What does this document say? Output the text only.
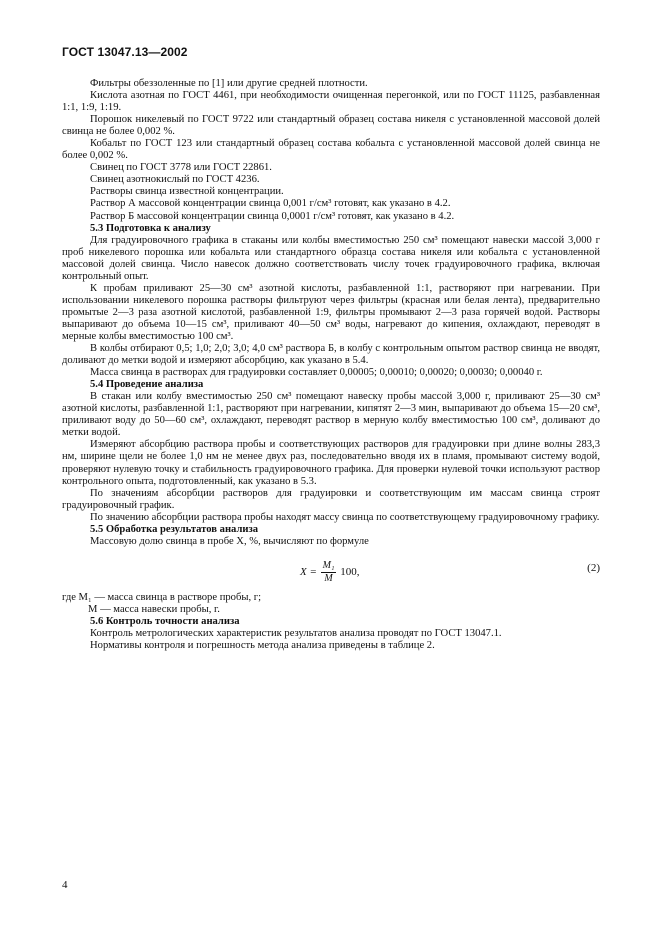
ГОСТ 13047.13—2002

Фильтры обеззоленные по [1] или другие средней плотности.

Кислота азотная по ГОСТ 4461, при необходимости очищенная перегонкой, или по ГОСТ 11125, разбавленная 1:1, 1:9, 1:19.

Порошок никелевый по ГОСТ 9722 или стандартный образец состава никеля с установленной массовой долей свинца не более 0,002 %.

Кобальт по ГОСТ 123 или стандартный образец состава кобальта с установленной массовой долей свинца не более 0,002 %.

Свинец по ГОСТ 3778 или ГОСТ 22861.

Свинец азотнокислый по ГОСТ 4236.

Растворы свинца известной концентрации.

Раствор А массовой концентрации свинца 0,001 г/см³ готовят, как указано в 4.2.

Раствор Б массовой концентрации свинца 0,0001 г/см³ готовят, как указано в 4.2.

5.3 Подготовка к анализу

Для градуировочного графика в стаканы или колбы вместимостью 250 см³ помещают навески массой 3,000 г проб никелевого порошка или кобальта или стандартного образца состава никеля или кобальта с установленной массовой долей свинца. Число навесок должно соответствовать числу точек градуировочного графика, включая контрольный опыт.

К пробам приливают 25—30 см³ азотной кислоты, разбавленной 1:1, растворяют при нагревании. При использовании никелевого порошка растворы фильтруют через фильтры (красная или белая лента), предварительно промытые 2—3 раза азотной кислотой, разбавленной 1:9, фильтры промывают 2—3 раза горячей водой. Растворы выпаривают до объема 10—15 см³, приливают 40—50 см³ воды, нагревают до кипения, охлаждают, переводят в мерные колбы вместимостью 100 см³.

В колбы отбирают 0,5; 1,0; 2,0; 3,0; 4,0 см³ раствора Б, в колбу с контрольным опытом раствор свинца не вводят, доливают до метки водой и измеряют абсорбцию, как указано в 5.4.

Масса свинца в растворах для градуировки составляет 0,00005; 0,00010; 0,00020; 0,00030; 0,00040 г.

5.4 Проведение анализа

В стакан или колбу вместимостью 250 см³ помещают навеску пробы массой 3,000 г, приливают 25—30 см³ азотной кислоты, разбавленной 1:1, растворяют при нагревании, кипятят 2—3 мин, выпаривают до объема 15—20 см³, приливают воду до 50—60 см³, охлаждают, переводят раствор в мерную колбу вместимостью 100 см³, доливают до метки водой.

Измеряют абсорбцию раствора пробы и соответствующих растворов для градуировки при длине волны 283,3 нм, ширине щели не более 1,0 нм не менее двух раз, последовательно вводя их в пламя, промывают систему водой, проверяют нулевую точку и стабильность градуировочного графика. Для проверки нулевой точки используют раствор контрольного опыта, подготовленный, как указано в 5.3.

По значениям абсорбции растворов для градуировки и соответствующим им массам свинца строят градуировочный график.

По значению абсорбции раствора пробы находят массу свинца по соответствующему градуировочному графику.

5.5 Обработка результатов анализа

Массовую долю свинца в пробе X, %, вычисляют по формуле

$X = \frac{\text{M₁}}{M} 100$,	(2)

где M₁ — масса свинца в растворе пробы, г;

M — масса навески пробы, г.

5.6 Контроль точности анализа

Контроль метрологических характеристик результатов анализа проводят по ГОСТ 13047.1.

Нормативы контроля и погрешность метода анализа приведены в таблице 2.

4
